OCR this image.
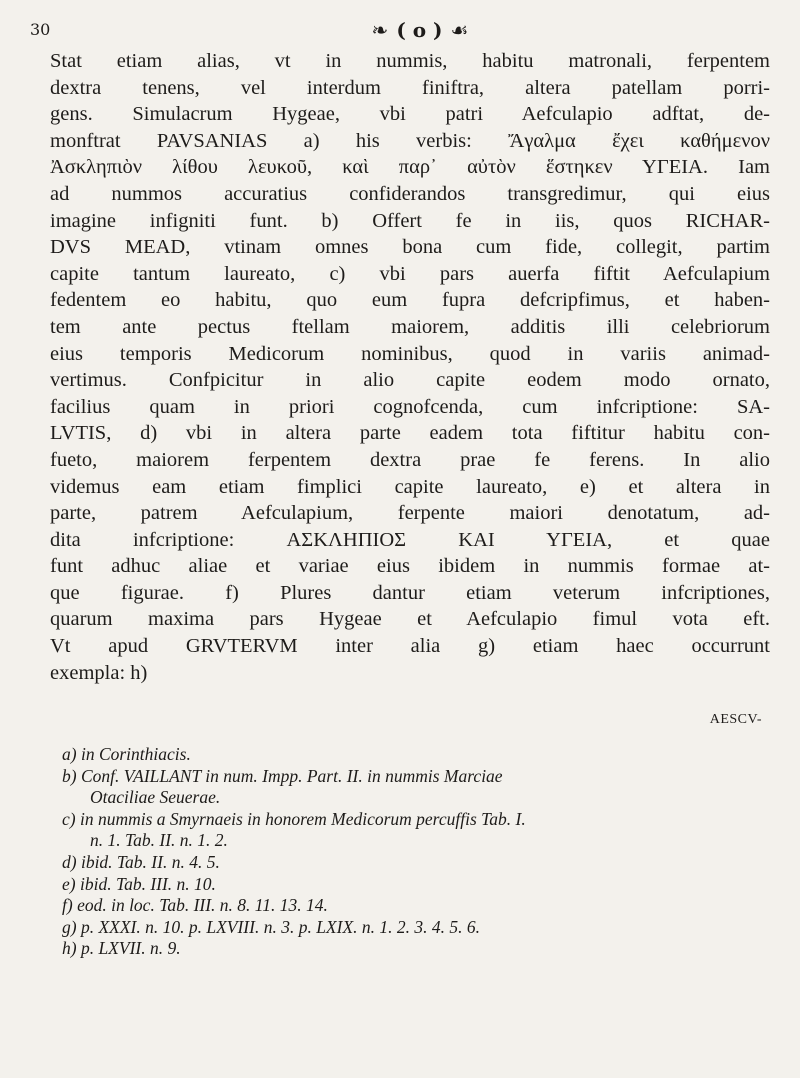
30	❧ ( o ) ☙
Stat etiam alias, vt in nummis, habitu matronali, ferpentem
dextra tenens, vel interdum finiftra, altera patellam porri-
gens. Simulacrum Hygeae, vbi patri Aefculapio adftat, de-
monftrat PAVSANIAS a) his verbis: Ἄγαλμα ἔχει καθήμενον
Ἀσκληπιὸν λίθου λευκοῦ, καὶ παρ᾽ αὐτὸν ἕστηκεν ΥΓΕΙΑ. Iam
ad nummos accuratius confiderandos transgredimur, qui eius
imagine infigniti funt. b) Offert fe in iis, quos RICHAR-
DVS MEAD, vtinam omnes bona cum fide, collegit, partim
capite tantum laureato, c) vbi pars auerfa fiftit Aefculapium
fedentem eo habitu, quo eum fupra defcripfimus, et haben-
tem ante pectus ftellam maiorem, additis illi celebriorum
eius temporis Medicorum nominibus, quod in variis animad-
vertimus. Confpicitur in alio capite eodem modo ornato,
facilius quam in priori cognofcenda, cum infcriptione: SA-
LVTIS, d) vbi in altera parte eadem tota fiftitur habitu con-
fueto, maiorem ferpentem dextra prae fe ferens. In alio
videmus eam etiam fimplici capite laureato, e) et altera in
parte, patrem Aefculapium, ferpente maiori denotatum, ad-
dita infcriptione: ΑΣΚΛΗΠΙΟΣ ΚΑΙ ΥΓΕΙΑ, et quae
funt adhuc aliae et variae eius ibidem in nummis formae at-
que figurae. f) Plures dantur etiam veterum infcriptiones,
quarum maxima pars Hygeae et Aefculapio fimul vota eft.
Vt apud GRVTERVM inter alia g) etiam haec occurrunt
exempla: h)
AESCV-
a) in Corinthiacis.
b) Conf. VAILLANT in num. Impp. Part. II. in nummis Marciae
Otaciliae Seuerae.
c) in nummis a Smyrnaeis in honorem Medicorum percuffis Tab. I.
n. 1. Tab. II. n. 1. 2.
d) ibid. Tab. II. n. 4. 5.
e) ibid. Tab. III. n. 10.
f) eod. in loc. Tab. III. n. 8. 11. 13. 14.
g) p. XXXI. n. 10. p. LXVIII. n. 3. p. LXIX. n. 1. 2. 3. 4. 5. 6.
h) p. LXVII. n. 9.
